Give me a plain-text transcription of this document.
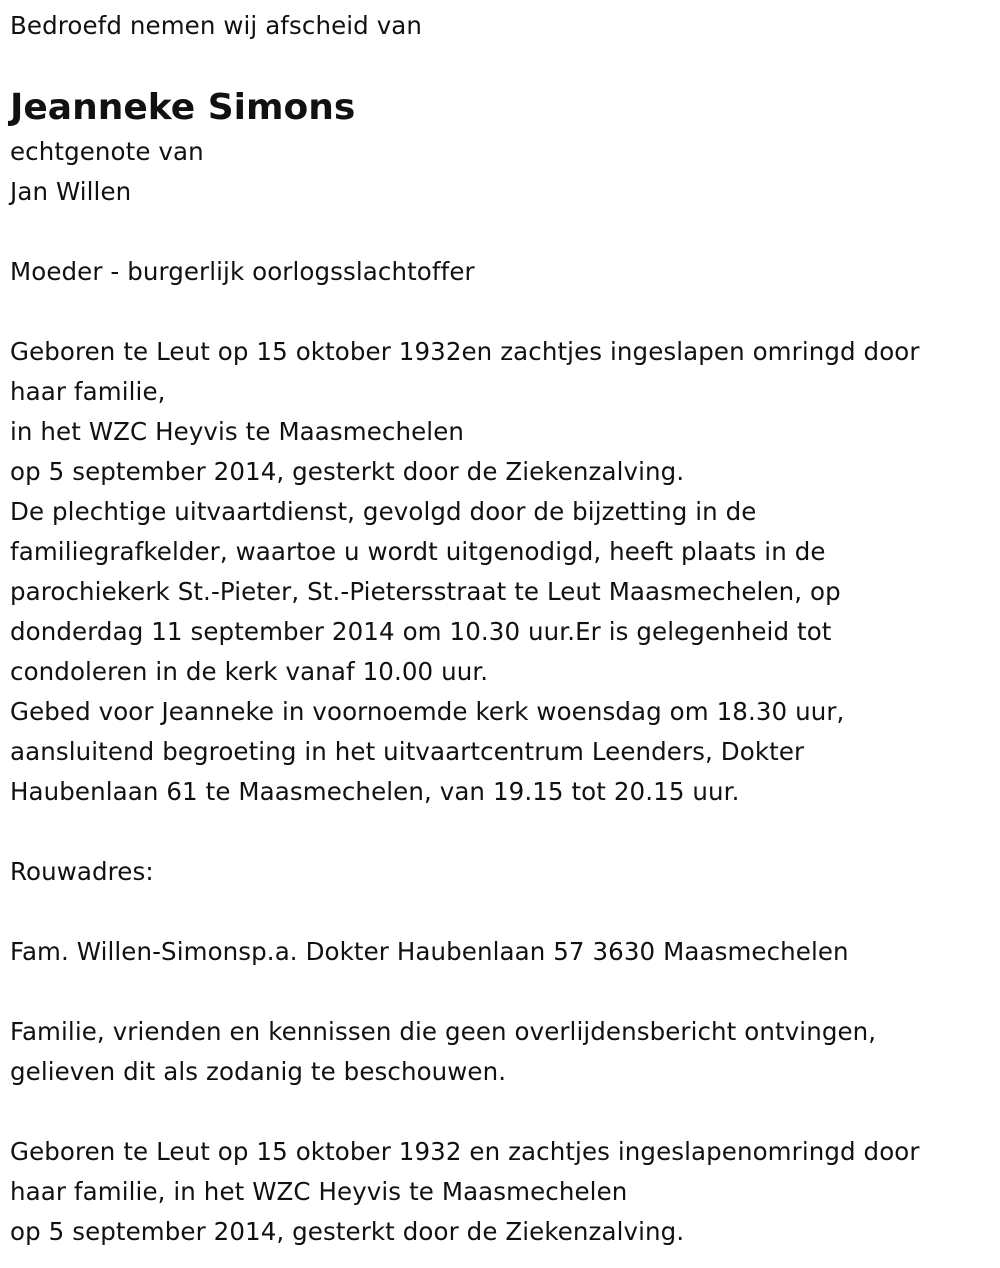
Bedroefd nemen wij afscheid van
Jeanneke Simons
echtgenote van
Jan Willen
Moeder - burgerlijk oorlogsslachtoffer
Geboren te Leut op 15 oktober 1932en zachtjes ingeslapen omringd door
haar familie,
in het WZC Heyvis te Maasmechelen
op 5 september 2014, gesterkt door de Ziekenzalving.
De plechtige uitvaartdienst, gevolgd door de bijzetting in de
familiegrafkelder, waartoe u wordt uitgenodigd, heeft plaats in de
parochiekerk St.-Pieter, St.-Pietersstraat te Leut Maasmechelen, op
donderdag 11 september 2014 om 10.30 uur.Er is gelegenheid tot
condoleren in de kerk vanaf 10.00 uur.
Gebed voor Jeanneke in voornoemde kerk woensdag om 18.30 uur,
aansluitend begroeting in het uitvaartcentrum Leenders, Dokter
Haubenlaan 61 te Maasmechelen, van 19.15 tot 20.15 uur.
Rouwadres:
Fam. Willen-Simonsp.a. Dokter Haubenlaan 57 3630 Maasmechelen
Familie, vrienden en kennissen die geen overlijdensbericht ontvingen,
gelieven dit als zodanig te beschouwen.
Geboren te Leut op 15 oktober 1932 en zachtjes ingeslapenomringd door
haar familie, in het WZC Heyvis te Maasmechelen
op 5 september 2014, gesterkt door de Ziekenzalving.
